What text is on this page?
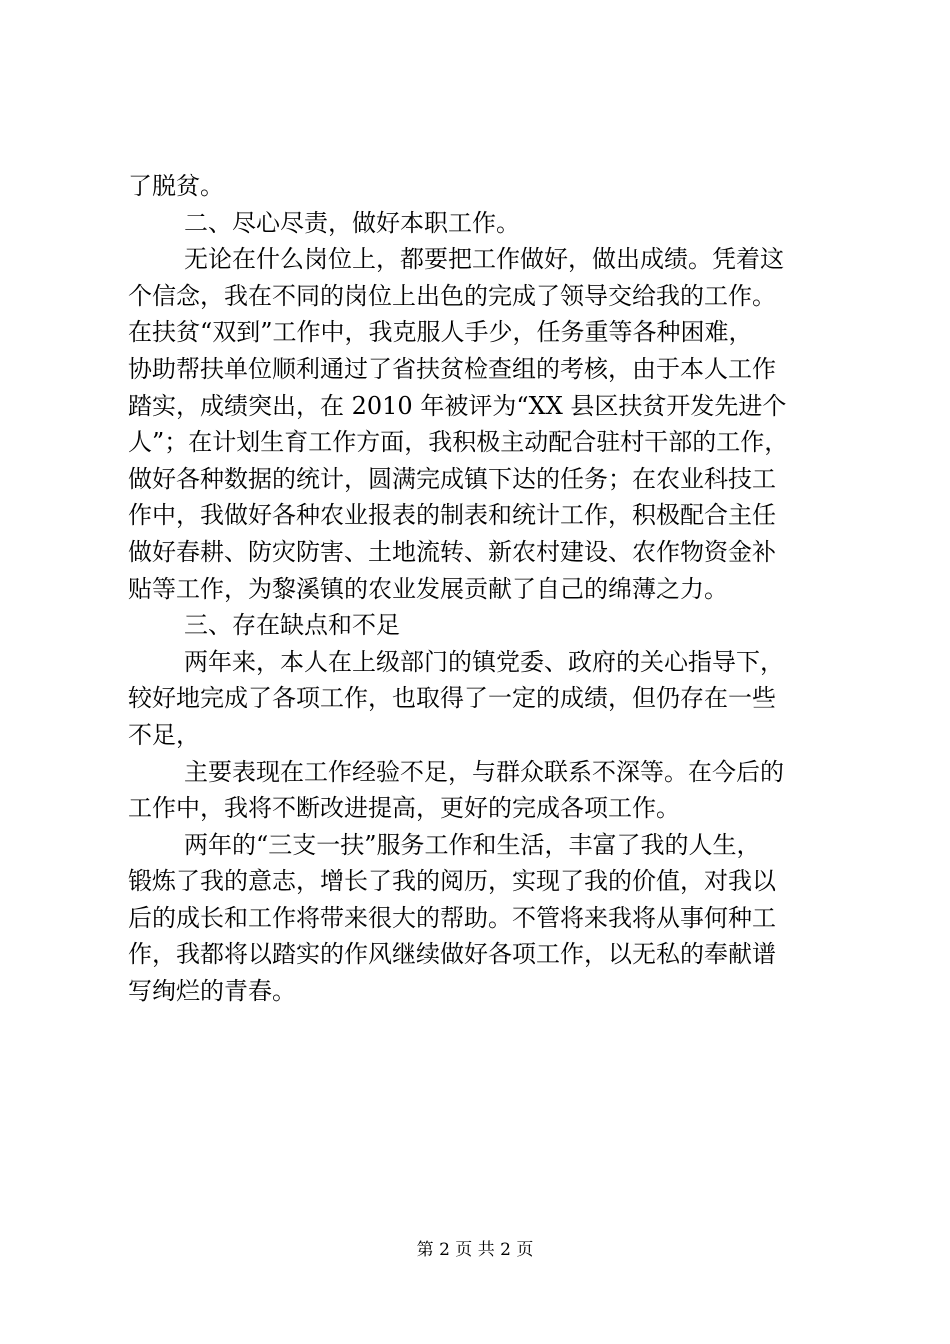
了脱贫。
二、尽心尽责，做好本职工作。
无论在什么岗位上，都要把工作做好，做出成绩。凭着这
个信念，我在不同的岗位上出色的完成了领导交给我的工作。
在扶贫“双到”工作中，我克服人手少，任务重等各种困难，
协助帮扶单位顺利通过了省扶贫检查组的考核，由于本人工作
踏实，成绩突出，在 2010 年被评为“XX 县区扶贫开发先进个
人”；在计划生育工作方面，我积极主动配合驻村干部的工作，
做好各种数据的统计，圆满完成镇下达的任务；在农业科技工
作中，我做好各种农业报表的制表和统计工作，积极配合主任
做好春耕、防灾防害、土地流转、新农村建设、农作物资金补
贴等工作，为黎溪镇的农业发展贡献了自己的绵薄之力。
三、存在缺点和不足
两年来，本人在上级部门的镇党委、政府的关心指导下，
较好地完成了各项工作，也取得了一定的成绩，但仍存在一些
不足，
主要表现在工作经验不足，与群众联系不深等。在今后的
工作中，我将不断改进提高，更好的完成各项工作。
两年的“三支一扶”服务工作和生活，丰富了我的人生，
锻炼了我的意志，增长了我的阅历，实现了我的价值，对我以
后的成长和工作将带来很大的帮助。不管将来我将从事何种工
作，我都将以踏实的作风继续做好各项工作，以无私的奉献谱
写绚烂的青春。
第 2 页 共 2 页
